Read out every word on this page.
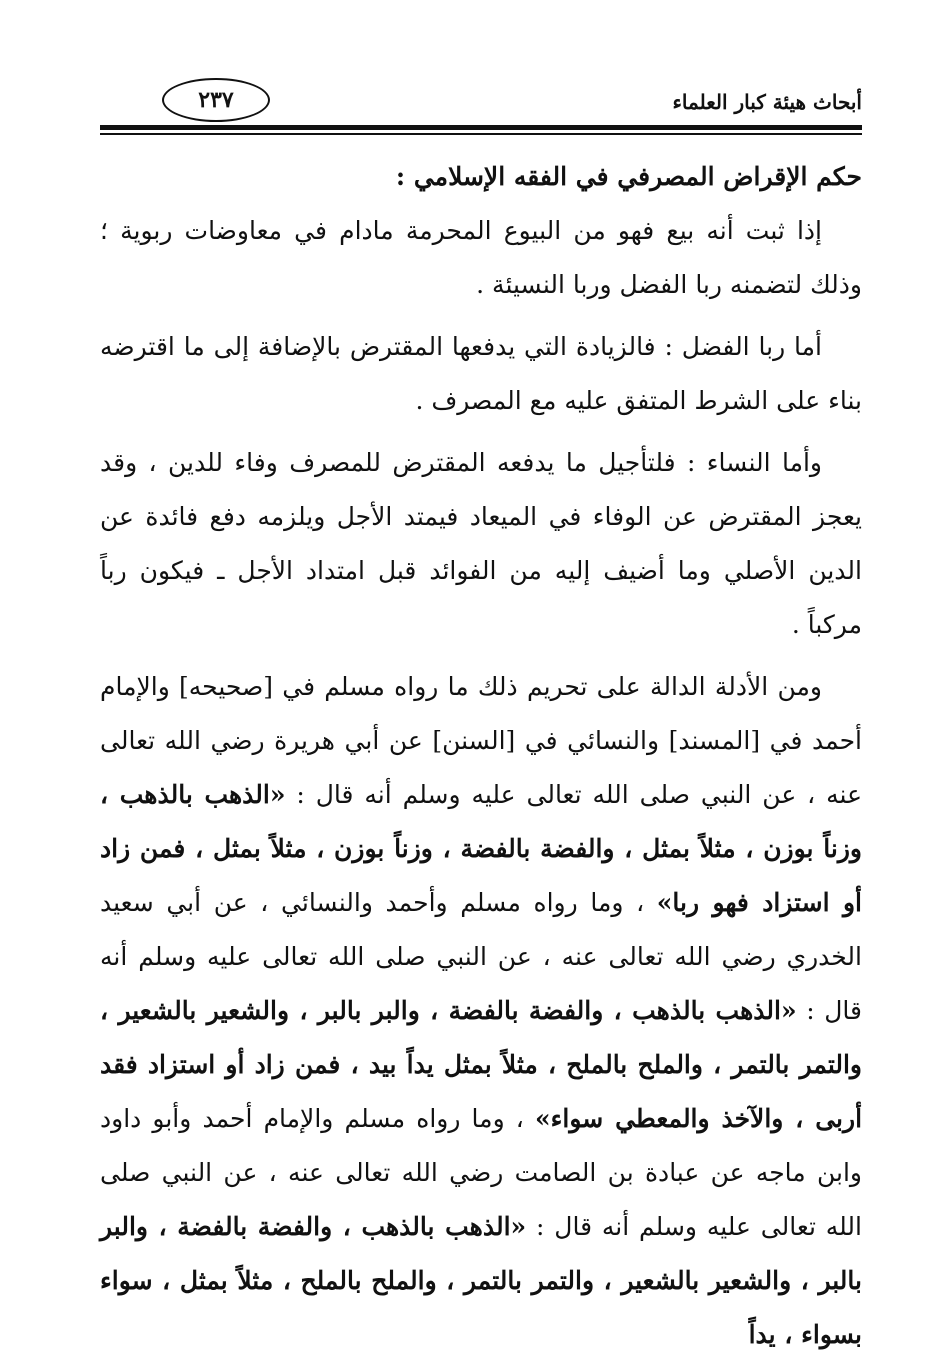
أبحاث هيئة كبار العلماء
٢٣٧

حكم الإقراض المصرفي في الفقه الإسلامي :

إذا ثبت أنه بيع فهو من البيوع المحرمة مادام في معاوضات ربوية ؛ وذلك لتضمنه ربا الفضل وربا النسيئة .

أما ربا الفضل : فالزيادة التي يدفعها المقترض بالإضافة إلى ما اقترضه بناء على الشرط المتفق عليه مع المصرف .

وأما النساء : فلتأجيل ما يدفعه المقترض للمصرف وفاء للدين ، وقد يعجز المقترض عن الوفاء في الميعاد فيمتد الأجل ويلزمه دفع فائدة عن الدين الأصلي وما أضيف إليه من الفوائد قبل امتداد الأجل ـ فيكون رباً مركباً .

ومن الأدلة الدالة على تحريم ذلك ما رواه مسلم في [صحيحه] والإمام أحمد في [المسند] والنسائي في [السنن] عن أبي هريرة رضي الله تعالى عنه ، عن النبي صلى الله تعالى عليه وسلم أنه قال : «الذهب بالذهب ، وزناً بوزن ، مثلاً بمثل ، والفضة بالفضة ، وزناً بوزن ، مثلاً بمثل ، فمن زاد أو استزاد فهو ربا» ، وما رواه مسلم وأحمد والنسائي ، عن أبي سعيد الخدري رضي الله تعالى عنه ، عن النبي صلى الله تعالى عليه وسلم أنه قال : «الذهب بالذهب ، والفضة بالفضة ، والبر بالبر ، والشعير بالشعير ، والتمر بالتمر ، والملح بالملح ، مثلاً بمثل يداً بيد ، فمن زاد أو استزاد فقد أربى ، والآخذ والمعطي سواء» ، وما رواه مسلم والإمام أحمد وأبو داود وابن ماجه عن عبادة بن الصامت رضي الله تعالى عنه ، عن النبي صلى الله تعالى عليه وسلم أنه قال : «الذهب بالذهب ، والفضة بالفضة ، والبر بالبر ، والشعير بالشعير ، والتمر بالتمر ، والملح بالملح ، مثلاً بمثل ، سواء بسواء ، يداً
